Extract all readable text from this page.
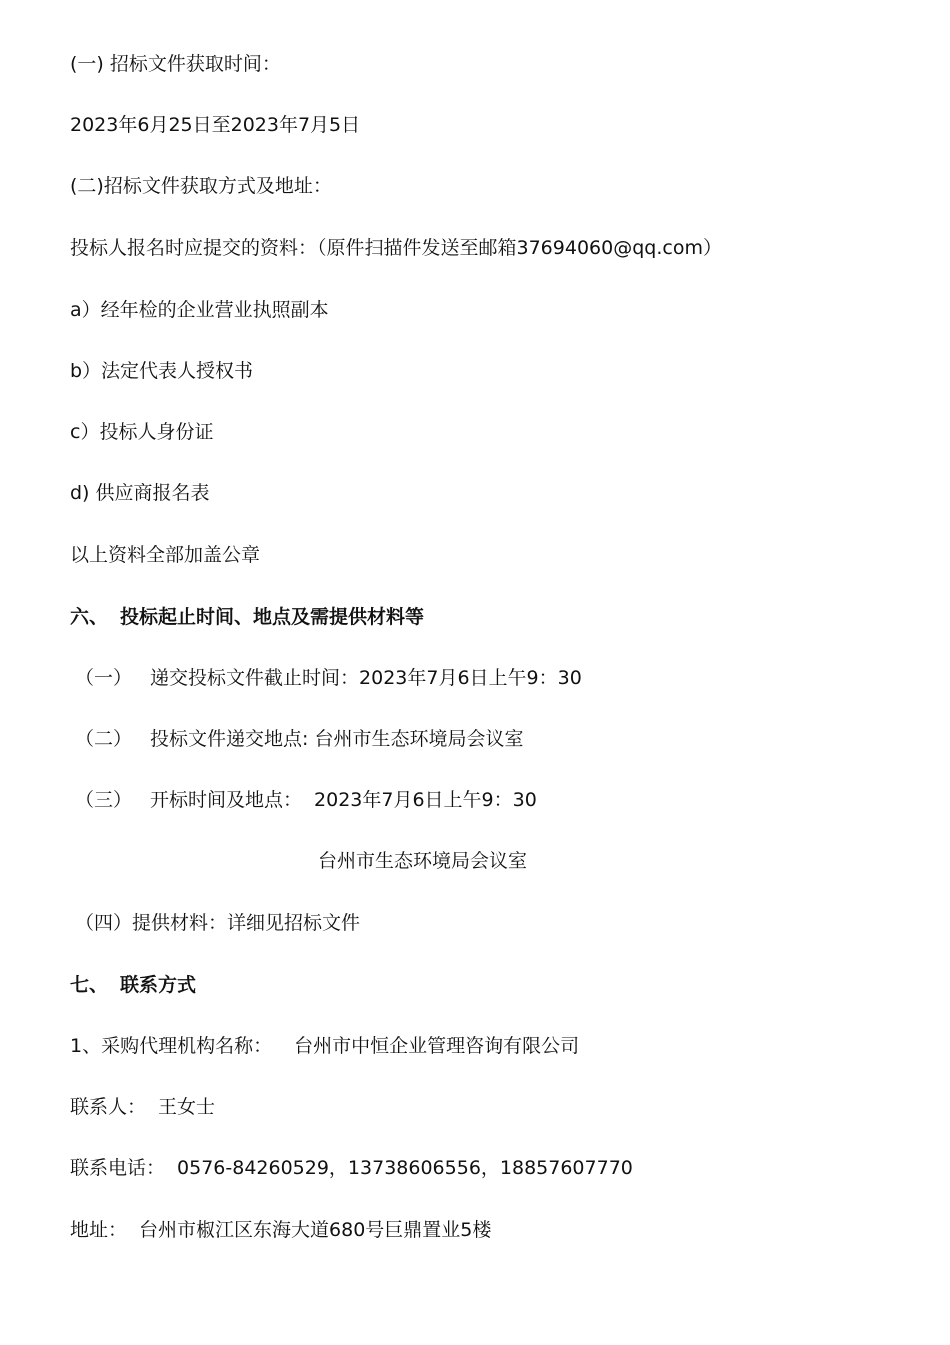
(一) 招标文件获取时间：
2023年6月25日至2023年7月5日
(二)招标文件获取方式及地址：
投标人报名时应提交的资料：（原件扫描件发送至邮箱37694060@qq.com）
a）经年检的企业营业执照副本
b）法定代表人授权书
c）投标人身份证
d) 供应商报名表
以上资料全部加盖公章
六、 投标起止时间、地点及需提供材料等
（一） 递交投标文件截止时间：2023年7月6日上午9：30
（二） 投标文件递交地点: 台州市生态环境局会议室
（三） 开标时间及地点： 2023年7月6日上午9：30
台州市生态环境局会议室
（四）提供材料：详细见招标文件
七、 联系方式
1、采购代理机构名称： 台州市中恒企业管理咨询有限公司
联系人： 王女士
联系电话： 0576-84260529，13738606556，18857607770
地址： 台州市椒江区东海大道680号巨鼎置业5楼
